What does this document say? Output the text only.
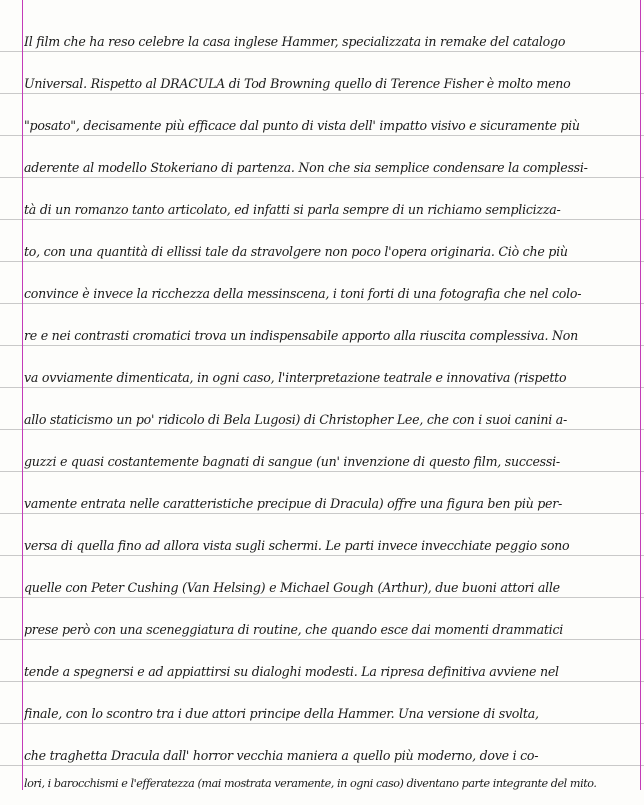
Il film che ha reso celebre la casa inglese Hammer, specializzata in remake del catalogo
Universal. Rispetto al DRACULA di Tod Browning quello di Terence Fisher è molto meno
"posato", decisamente più efficace dal punto di vista dell' impatto visivo e sicuramente più
aderente al modello Stokeriano di partenza. Non che sia semplice condensare la complessi-
tà di un romanzo tanto articolato, ed infatti si parla sempre di un richiamo semplicizza-
to, con una quantità di ellissi tale da stravolgere non poco l'opera originaria. Ciò che più
convince è invece la ricchezza della messinscena, i toni forti di una fotografia che nel colo-
re e nei contrasti cromatici trova un indispensabile apporto alla riuscita complessiva. Non
va ovviamente dimenticata, in ogni caso, l'interpretazione teatrale e innovativa (rispetto
allo staticismo un po' ridicolo di Bela Lugosi) di Christopher Lee, che con i suoi canini a-
guzzi e quasi costantemente bagnati di sangue (un' invenzione di questo film, successi-
vamente entrata nelle caratteristiche precipue di Dracula) offre una figura ben più per-
versa di quella fino ad allora vista sugli schermi. Le parti invece invecchiate peggio sono
quelle con Peter Cushing (Van Helsing) e Michael Gough (Arthur), due buoni attori alle
prese però con una sceneggiatura di routine, che quando esce dai momenti drammatici
tende a spegnersi e ad appiattirsi su dialoghi modesti. La ripresa definitiva avviene nel
finale, con lo scontro tra i due attori principe della Hammer. Una versione di svolta,
che traghetta Dracula dall' horror vecchia maniera a quello più moderno, dove i co-
lori, i barocchismi e l'efferatezza (mai mostrata veramente, in ogni caso) diventano parte integrante del mito.
